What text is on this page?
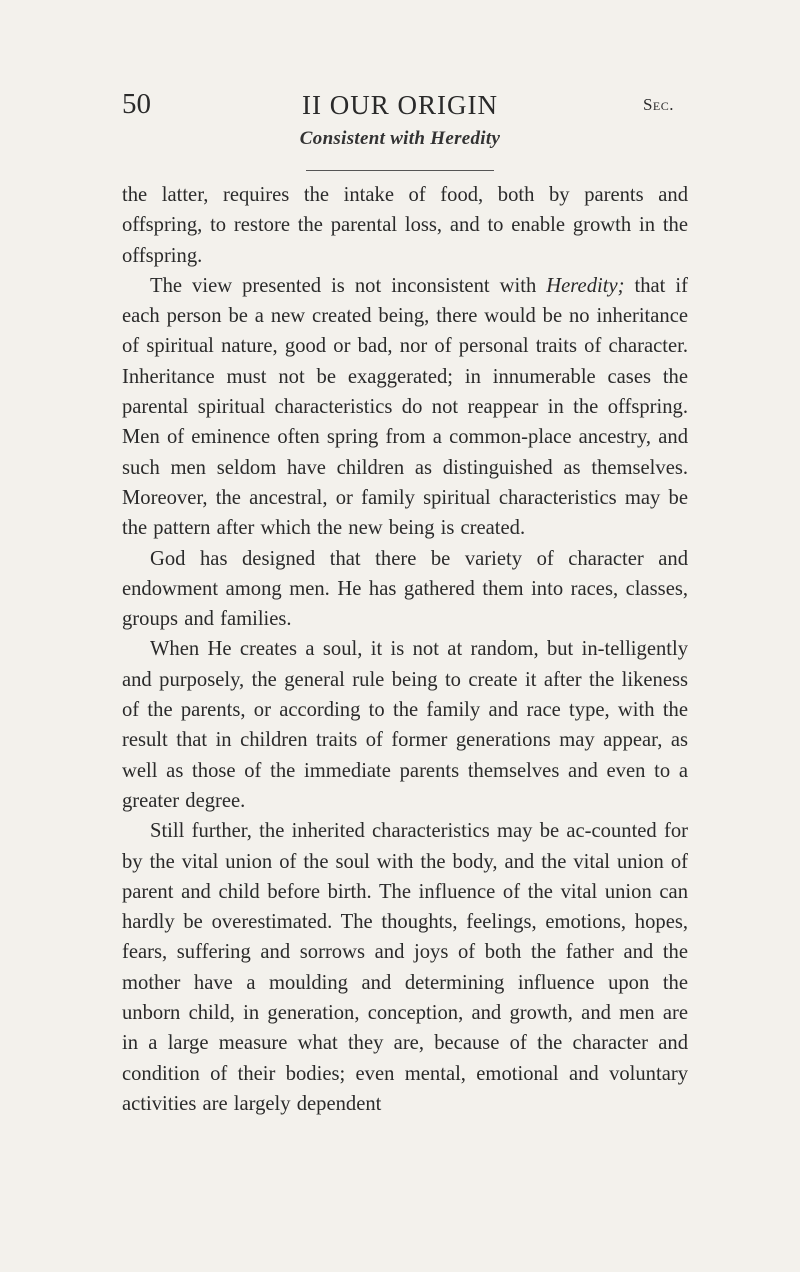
50	II OUR ORIGIN	Sec.
Consistent with Heredity

the latter, requires the intake of food, both by parents and offspring, to restore the parental loss, and to enable growth in the offspring.

The view presented is not inconsistent with Heredity; that if each person be a new created being, there would be no inheritance of spiritual nature, good or bad, nor of personal traits of character. Inheritance must not be exaggerated; in innumerable cases the parental spiritual characteristics do not reappear in the offspring. Men of eminence often spring from a common-place ancestry, and such men seldom have children as distinguished as themselves. Moreover, the ancestral, or family spiritual characteristics may be the pattern after which the new being is created.

God has designed that there be variety of character and endowment among men. He has gathered them into races, classes, groups and families.

When He creates a soul, it is not at random, but in-telligently and purposely, the general rule being to create it after the likeness of the parents, or according to the family and race type, with the result that in children traits of former generations may appear, as well as those of the immediate parents themselves and even to a greater degree.

Still further, the inherited characteristics may be ac-counted for by the vital union of the soul with the body, and the vital union of parent and child before birth. The influence of the vital union can hardly be overestimated. The thoughts, feelings, emotions, hopes, fears, suffering and sorrows and joys of both the father and the mother have a moulding and determining influence upon the unborn child, in generation, conception, and growth, and men are in a large measure what they are, because of the character and condition of their bodies; even mental, emotional and voluntary activities are largely dependent
